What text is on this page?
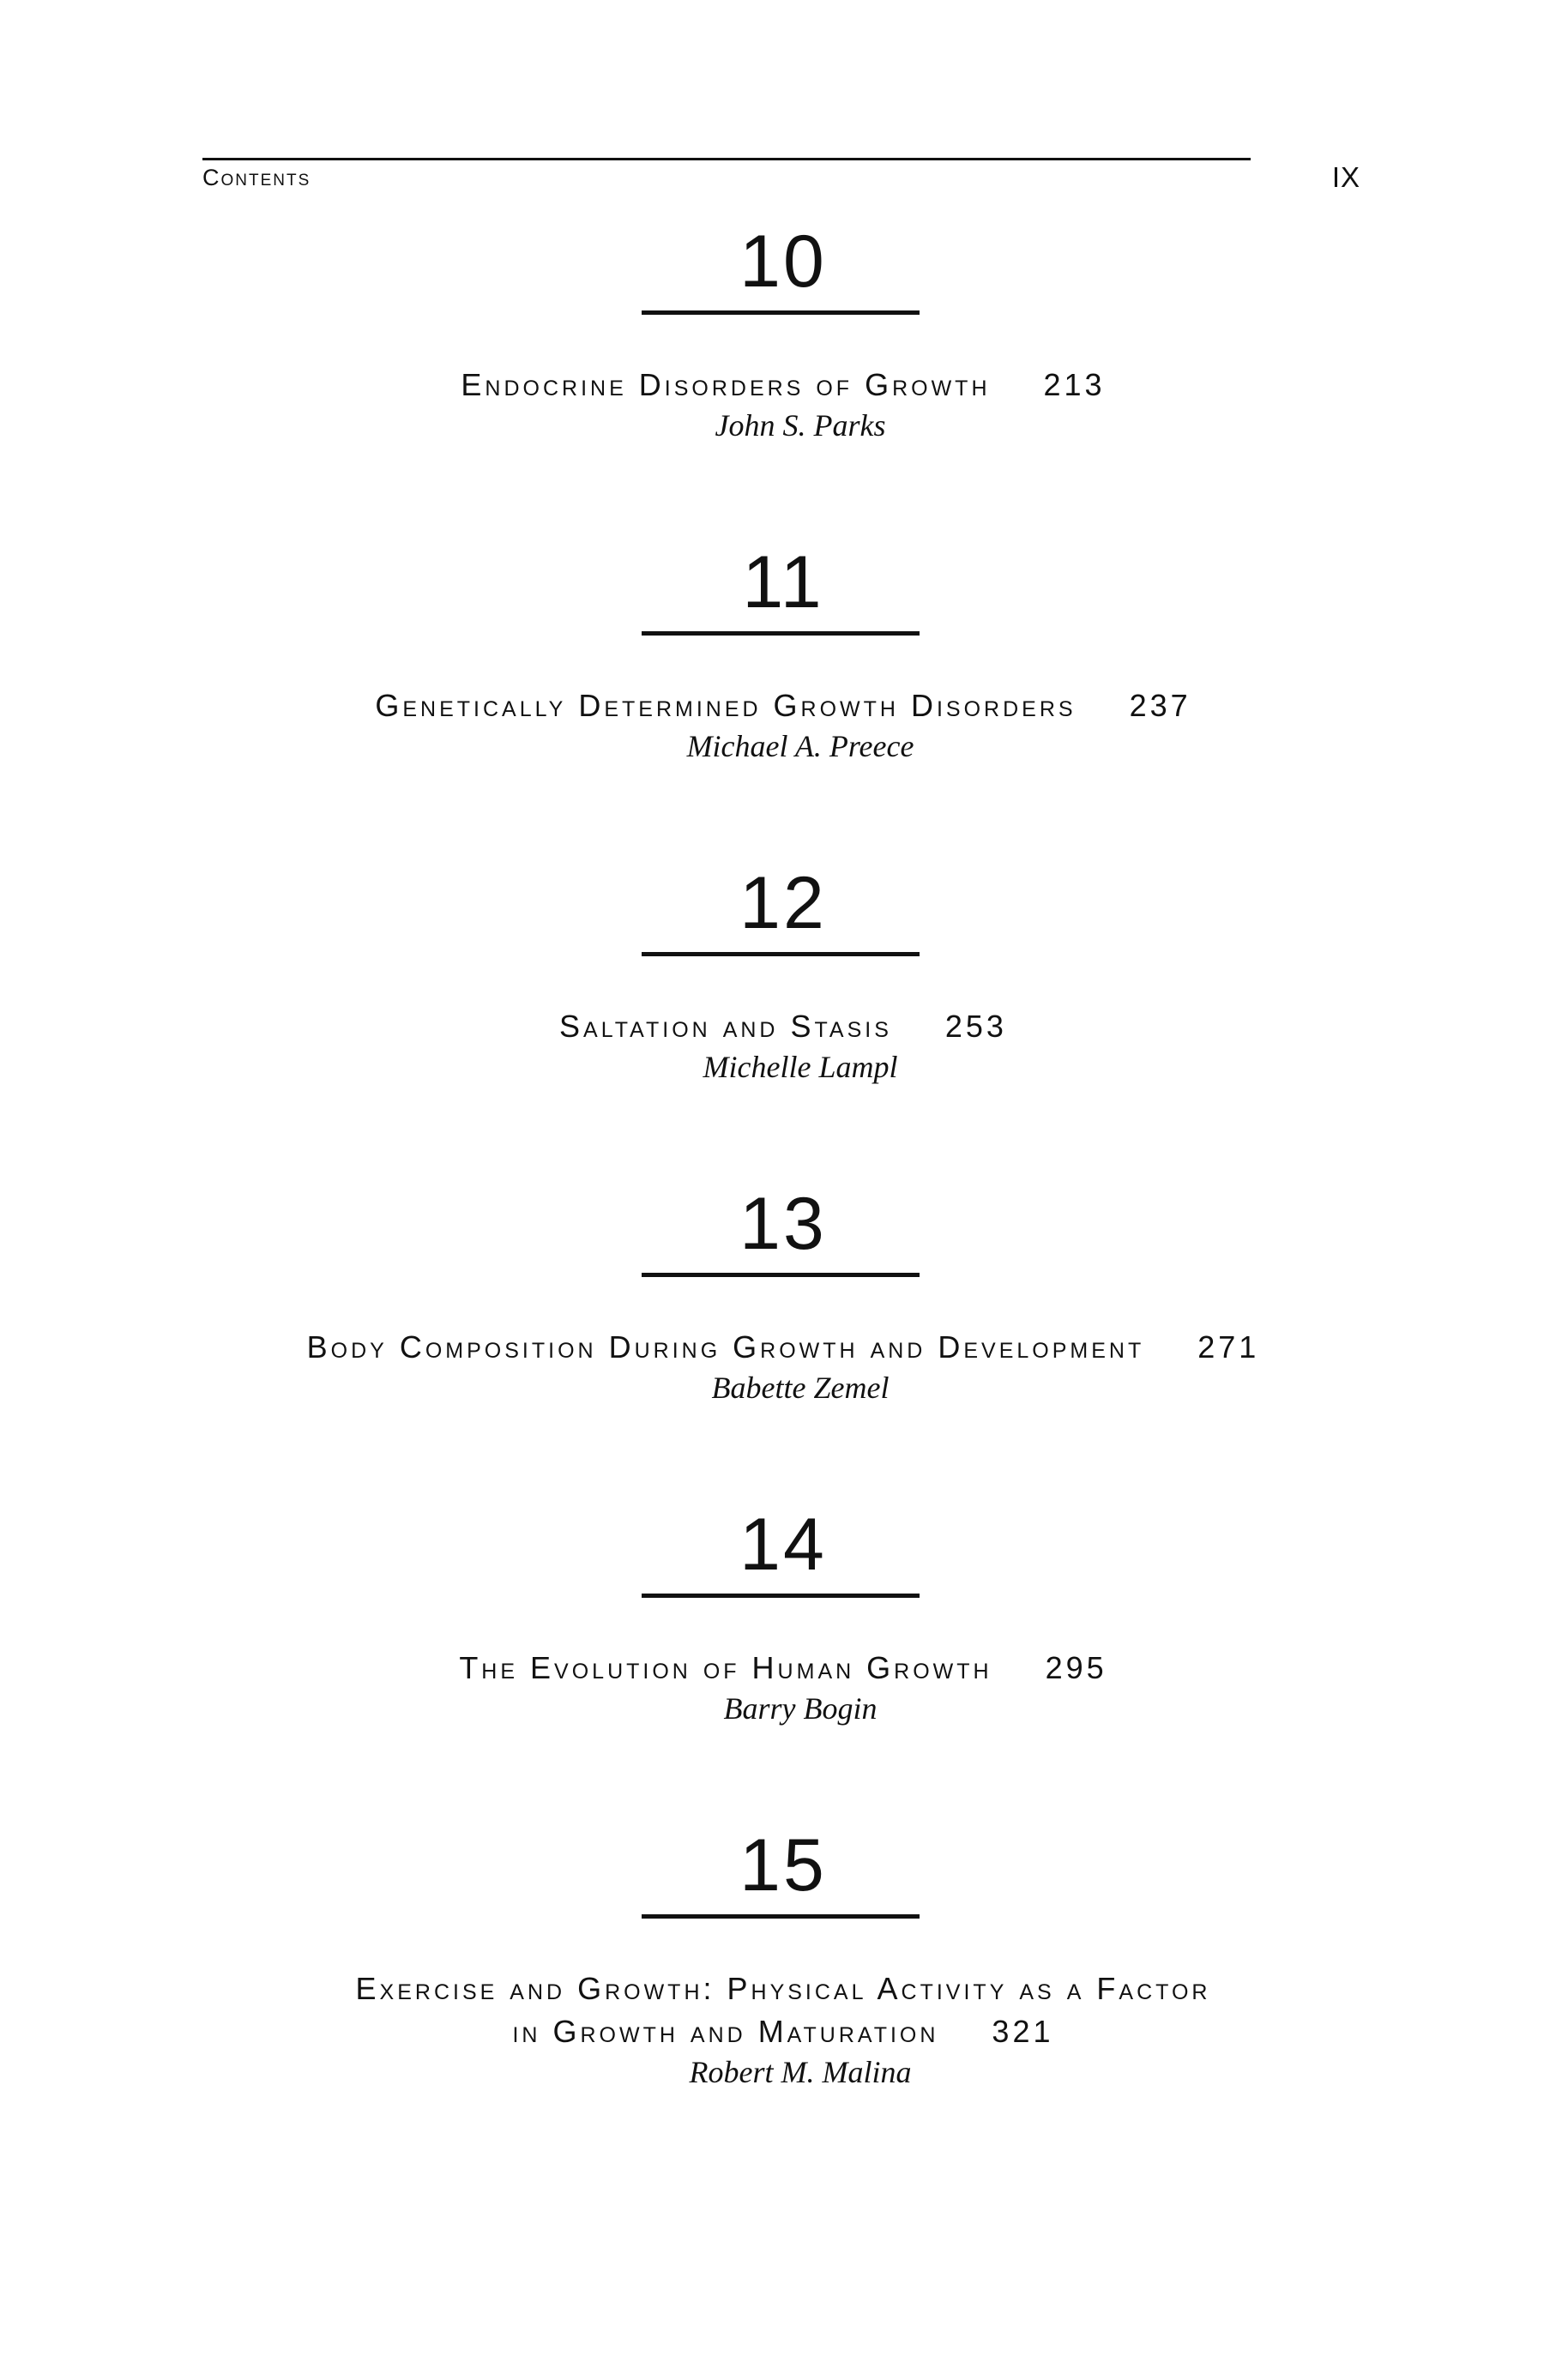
Contents	IX
10
Endocrine Disorders of Growth 213
John S. Parks
11
Genetically Determined Growth Disorders 237
Michael A. Preece
12
Saltation and Stasis 253
Michelle Lampl
13
Body Composition During Growth and Development 271
Babette Zemel
14
The Evolution of Human Growth 295
Barry Bogin
15
Exercise and Growth: Physical Activity as a Factor
in Growth and Maturation 321
Robert M. Malina
